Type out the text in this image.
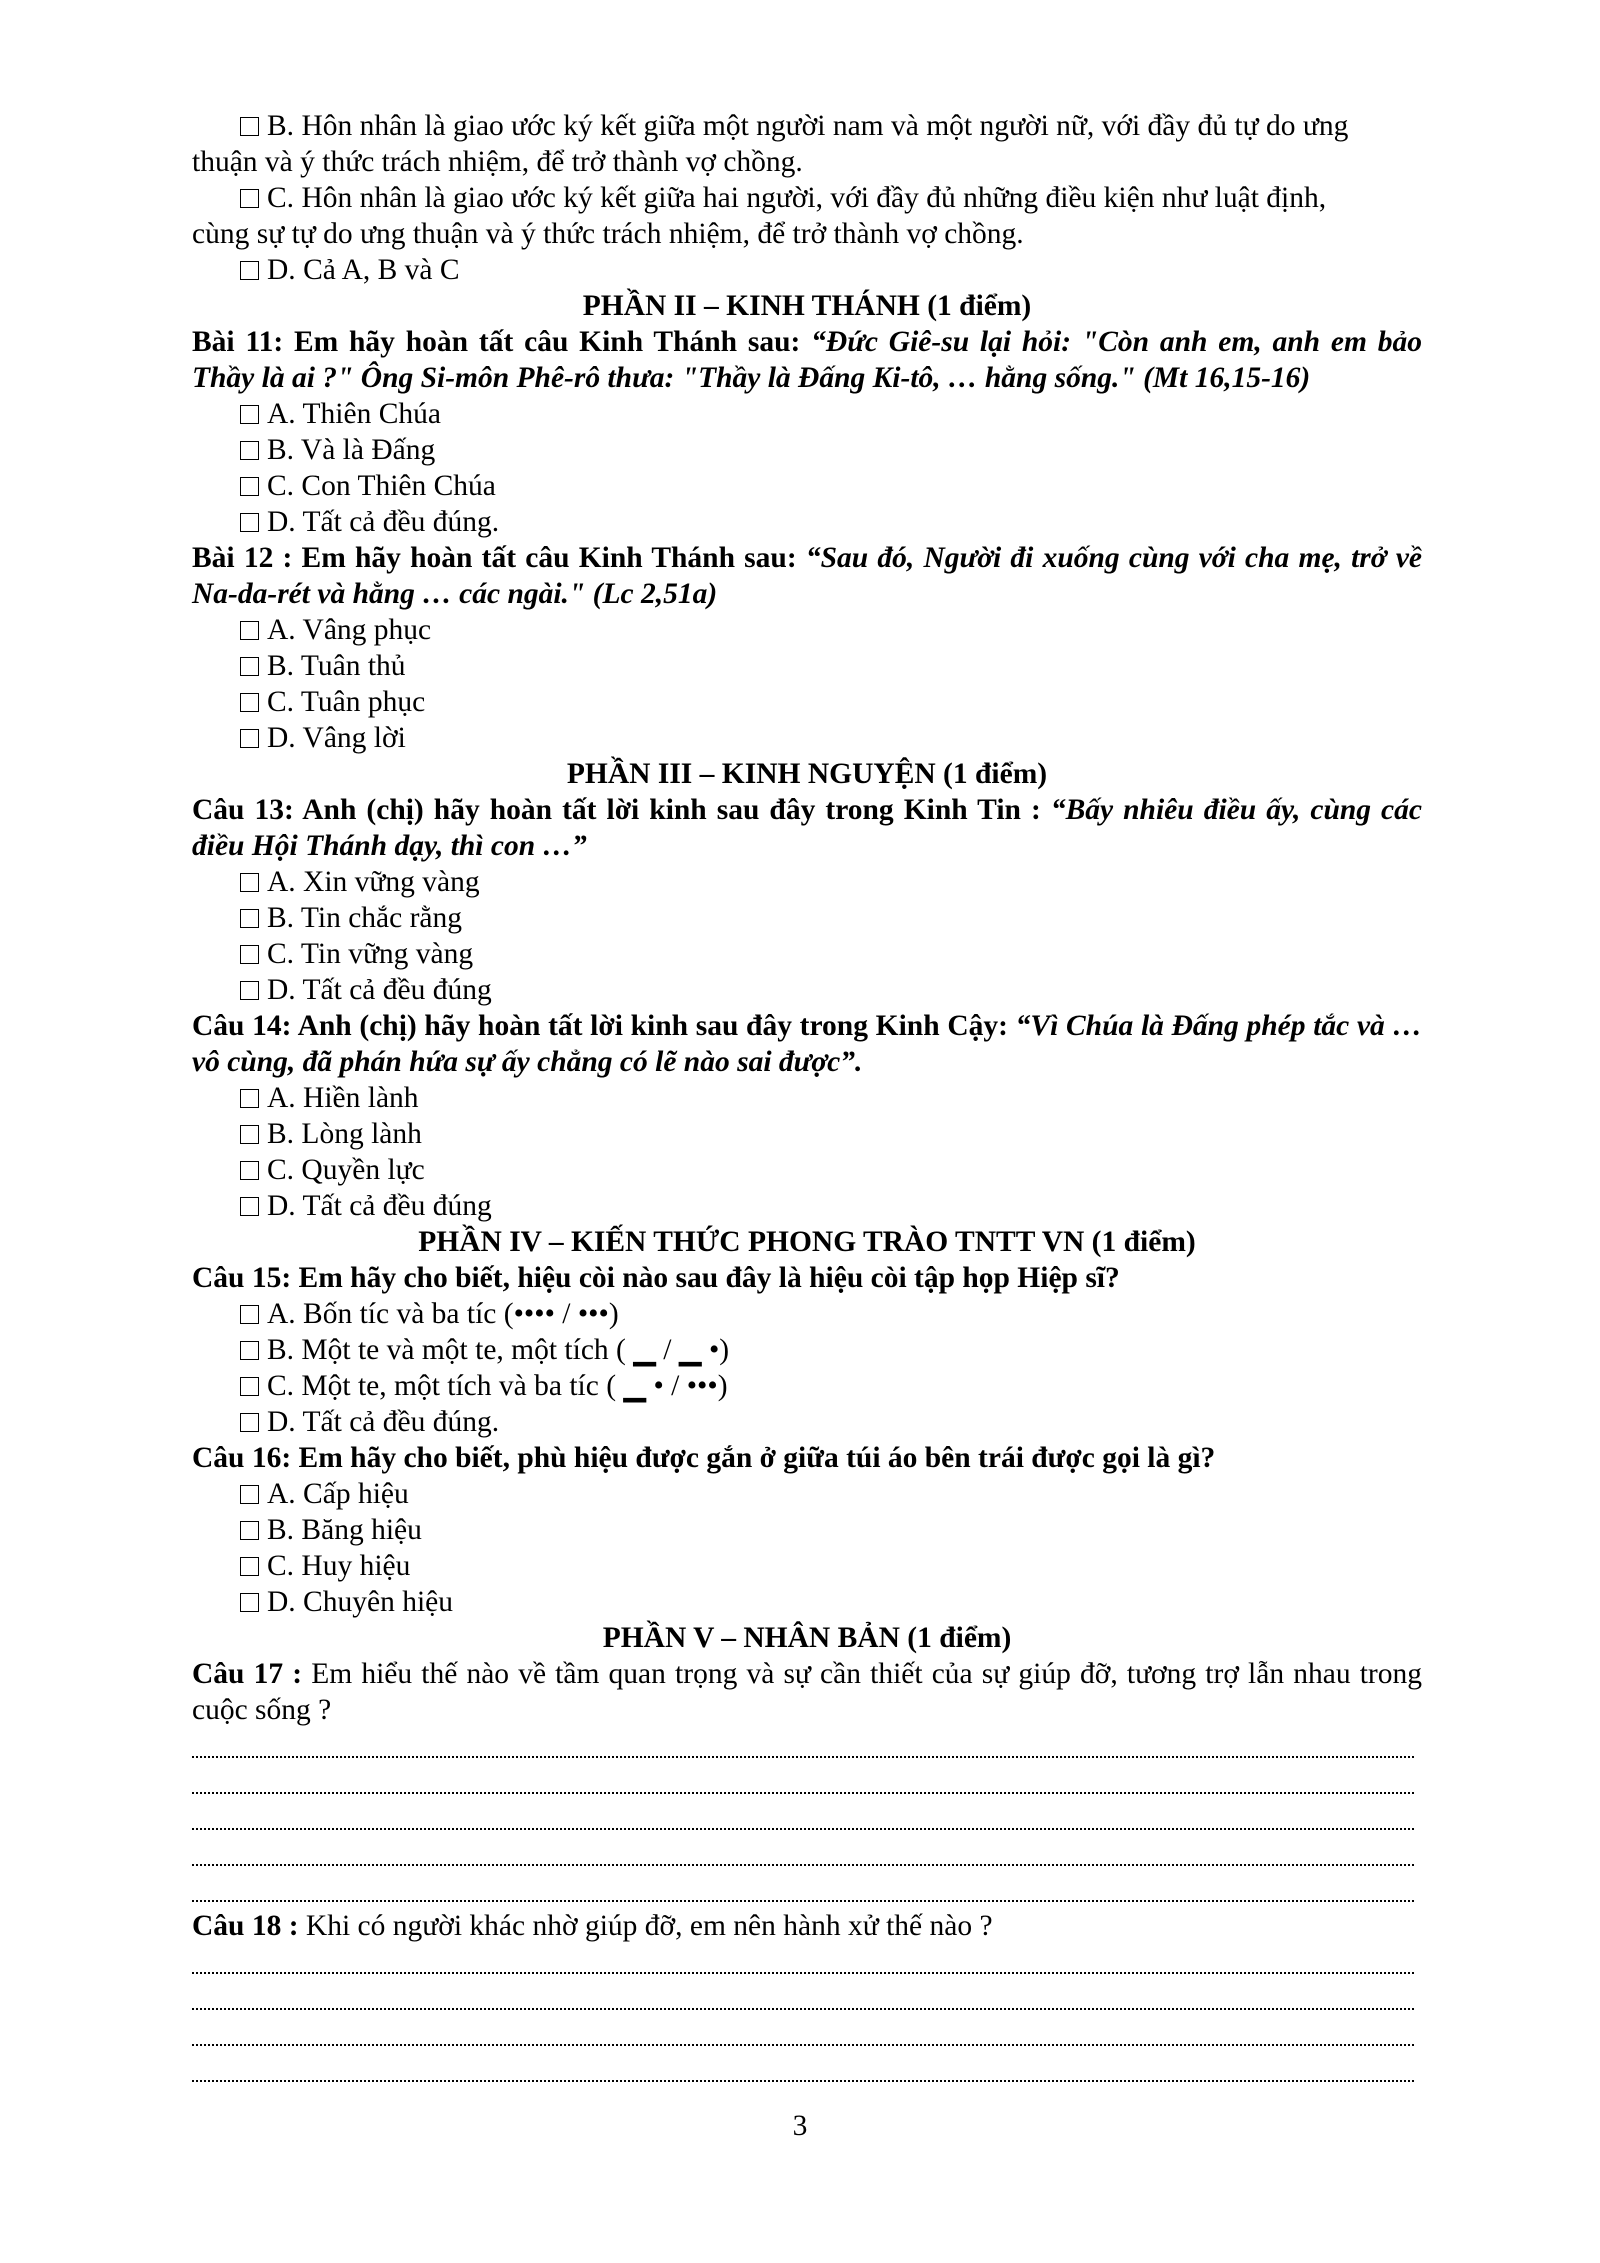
B. Hôn nhân là giao ước ký kết giữa một người nam và một người nữ, với đầy đủ tự do ưng
thuận và ý thức trách nhiệm, để trở thành vợ chồng.
C. Hôn nhân là giao ước ký kết giữa hai người, với đầy đủ những điều kiện như luật định,
cùng sự tự do ưng thuận và ý thức trách nhiệm, để trở thành vợ chồng.
D. Cả A, B và C
PHẦN II – KINH THÁNH (1 điểm)
Bài 11: Em hãy hoàn tất câu Kinh Thánh sau: “Đức Giê-su lại hỏi: "Còn anh em, anh em bảo Thầy là ai ?" Ông Si-môn Phê-rô thưa: "Thầy là Đấng Ki-tô, … hằng sống." (Mt 16,15-16)
A. Thiên Chúa
B. Và là Đấng
C. Con Thiên Chúa
D. Tất cả đều đúng.
Bài 12 : Em hãy hoàn tất câu Kinh Thánh sau: “Sau đó, Người đi xuống cùng với cha mẹ, trở về Na-da-rét và hằng … các ngài." (Lc 2,51a)
A. Vâng phục
B. Tuân thủ
C. Tuân phục
D. Vâng lời
PHẦN III – KINH NGUYỆN (1 điểm)
Câu 13: Anh (chị) hãy hoàn tất lời kinh sau đây trong Kinh Tin : “Bấy nhiêu điều ấy, cùng các điều Hội Thánh dạy, thì con …”
A. Xin vững vàng
B. Tin chắc rằng
C. Tin vững vàng
D. Tất cả đều đúng
Câu 14: Anh (chị) hãy hoàn tất lời kinh sau đây trong Kinh Cậy: “Vì Chúa là Đấng phép tắc và … vô cùng, đã phán hứa sự ấy chẳng có lẽ nào sai được”.
A. Hiền lành
B. Lòng lành
C. Quyền lực
D. Tất cả đều đúng
PHẦN IV – KIẾN THỨC PHONG TRÀO TNTT VN (1 điểm)
Câu 15: Em hãy cho biết, hiệu còi nào sau đây là hiệu còi tập họp Hiệp sĩ?
A. Bốn tíc và ba tíc (•••• / •••)
B. Một te và một te, một tích ( ▁ / ▁ •)
C. Một te, một tích và ba tíc ( ▁ • / •••)
D. Tất cả đều đúng.
Câu 16: Em hãy cho biết, phù hiệu được gắn ở giữa túi áo bên trái được gọi là gì?
A. Cấp hiệu
B. Băng hiệu
C. Huy hiệu
D. Chuyên hiệu
PHẦN V – NHÂN BẢN (1 điểm)
Câu 17 : Em hiểu thế nào về tầm quan trọng và sự cần thiết của sự giúp đỡ, tương trợ lẫn nhau trong cuộc sống ?
Câu 18 : Khi có người khác nhờ giúp đỡ, em nên hành xử thế nào ?
3
